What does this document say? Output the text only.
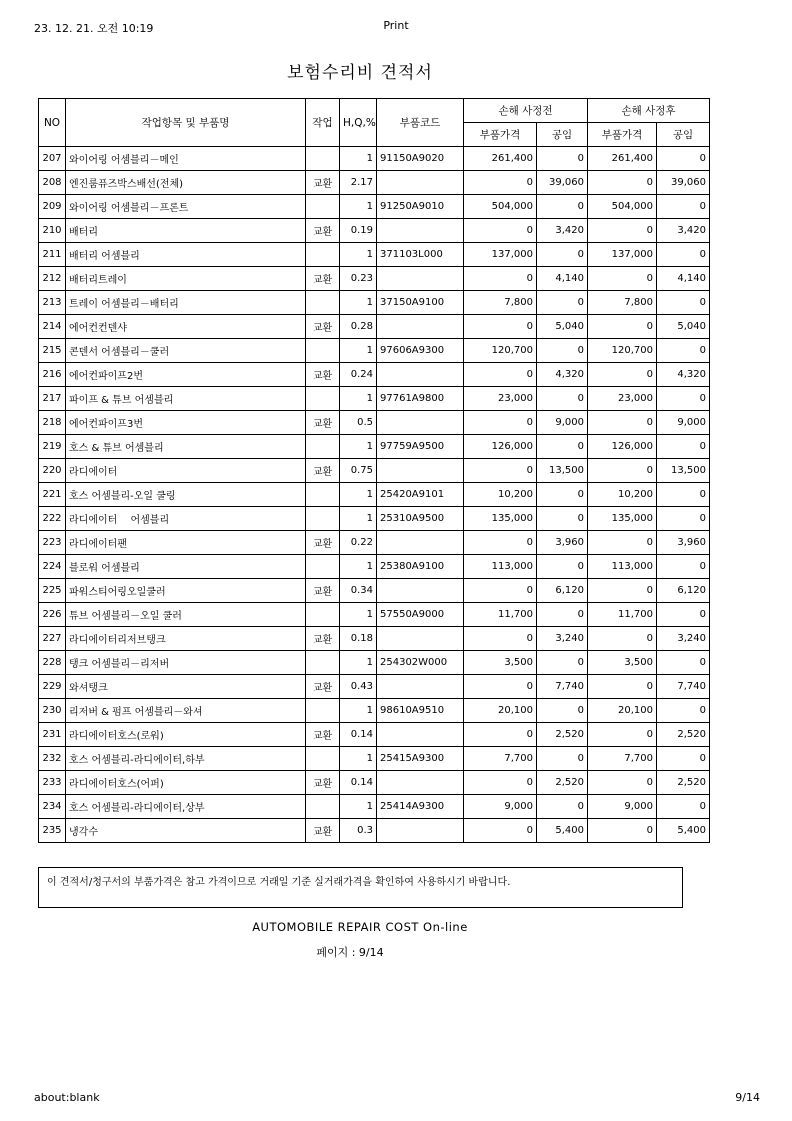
23. 12. 21. 오전 10:19	Print
보험수리비 견적서
NO	작업항목 및 부품명	작업	H,Q,%	부품코드	손해 사정전		손해 사정후	
					부품가격	공임	부품가격	공임
207	와이어링 어셈블리－메인		1	91150A9020	261,400	0	261,400	0
208	엔진룸퓨즈박스배선(전체)	교환	2.17		0	39,060	0	39,060
209	와이어링 어셈블리－프론트		1	91250A9010	504,000	0	504,000	0
210	배터리	교환	0.19		0	3,420	0	3,420
211	배터리 어셈블리		1	371103L000	137,000	0	137,000	0
212	배터리트레이	교환	0.23		0	4,140	0	4,140
213	트레이 어셈블리－배터리		1	37150A9100	7,800	0	7,800	0
214	에어컨컨덴샤	교환	0.28		0	5,040	0	5,040
215	콘덴서 어셈블리－쿨러		1	97606A9300	120,700	0	120,700	0
216	에어컨파이프2번	교환	0.24		0	4,320	0	4,320
217	파이프 & 튜브 어셈블리		1	97761A9800	23,000	0	23,000	0
218	에어컨파이프3번	교환	0.5		0	9,000	0	9,000
219	호스 & 튜브 어셈블리		1	97759A9500	126,000	0	126,000	0
220	라디에이터	교환	0.75		0	13,500	0	13,500
221	호스 어셈블리-오일 쿨링		1	25420A9101	10,200	0	10,200	0
222	라디에이터 　어셈블리		1	25310A9500	135,000	0	135,000	0
223	라디에이터팬	교환	0.22		0	3,960	0	3,960
224	블로워 어셈블리		1	25380A9100	113,000	0	113,000	0
225	파워스티어링오일쿨러	교환	0.34		0	6,120	0	6,120
226	튜브 어셈블리－오일 쿨러		1	57550A9000	11,700	0	11,700	0
227	라디에이터리저브탱크	교환	0.18		0	3,240	0	3,240
228	탱크 어셈블리－리저버		1	254302W000	3,500	0	3,500	0
229	와셔탱크	교환	0.43		0	7,740	0	7,740
230	리저버 & 펌프 어셈블리－와셔		1	98610A9510	20,100	0	20,100	0
231	라디에이터호스(로워)	교환	0.14		0	2,520	0	2,520
232	호스 어셈블리-라디에이터,하부		1	25415A9300	7,700	0	7,700	0
233	라디에이터호스(어퍼)	교환	0.14		0	2,520	0	2,520
234	호스 어셈블리-라디에이터,상부		1	25414A9300	9,000	0	9,000	0
235	냉각수	교환	0.3		0	5,400	0	5,400
이 견적서/청구서의 부품가격은 참고 가격이므로 거래일 기준 실거래가격을 확인하여 사용하시기 바랍니다.
AUTOMOBILE REPAIR COST On-line
페이지 : 9/14
about:blank	9/14
